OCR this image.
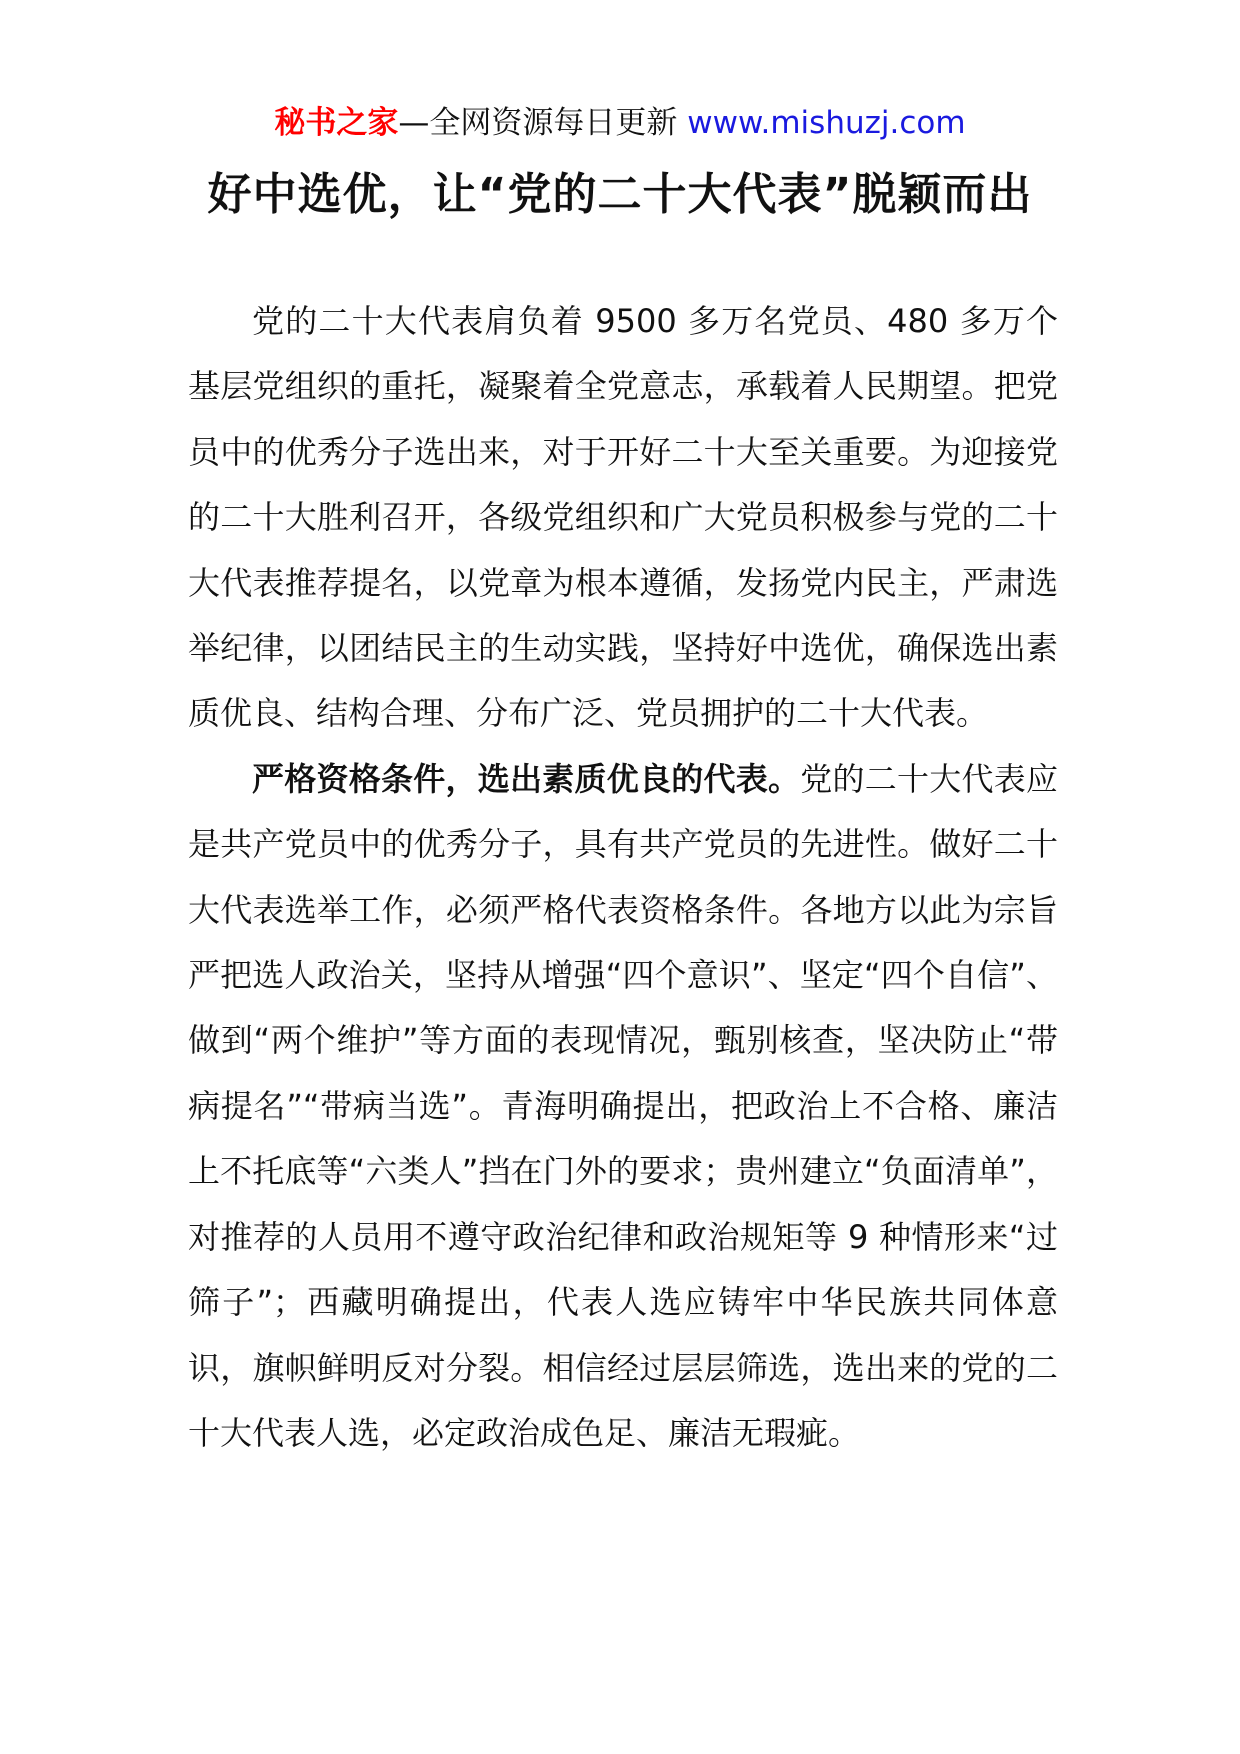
秘书之家—全网资源每日更新 www.mishuzj.com
好中选优，让“党的二十大代表”脱颖而出

党的二十大代表肩负着 9500 多万名党员、480 多万个基层党组织的重托，凝聚着全党意志，承载着人民期望。把党员中的优秀分子选出来，对于开好二十大至关重要。为迎接党的二十大胜利召开，各级党组织和广大党员积极参与党的二十大代表推荐提名，以党章为根本遵循，发扬党内民主，严肃选举纪律，以团结民主的生动实践，坚持好中选优，确保选出素质优良、结构合理、分布广泛、党员拥护的二十大代表。

严格资格条件，选出素质优良的代表。党的二十大代表应是共产党员中的优秀分子，具有共产党员的先进性。做好二十大代表选举工作，必须严格代表资格条件。各地方以此为宗旨严把选人政治关，坚持从增强“四个意识”、坚定“四个自信”、做到“两个维护”等方面的表现情况，甄别核查，坚决防止“带病提名”“带病当选”。青海明确提出，把政治上不合格、廉洁上不托底等“六类人”挡在门外的要求；贵州建立“负面清单”，对推荐的人员用不遵守政治纪律和政治规矩等 9 种情形来“过筛子”；西藏明确提出，代表人选应铸牢中华民族共同体意识，旗帜鲜明反对分裂。相信经过层层筛选，选出来的党的二十大代表人选，必定政治成色足、廉洁无瑕疵。
